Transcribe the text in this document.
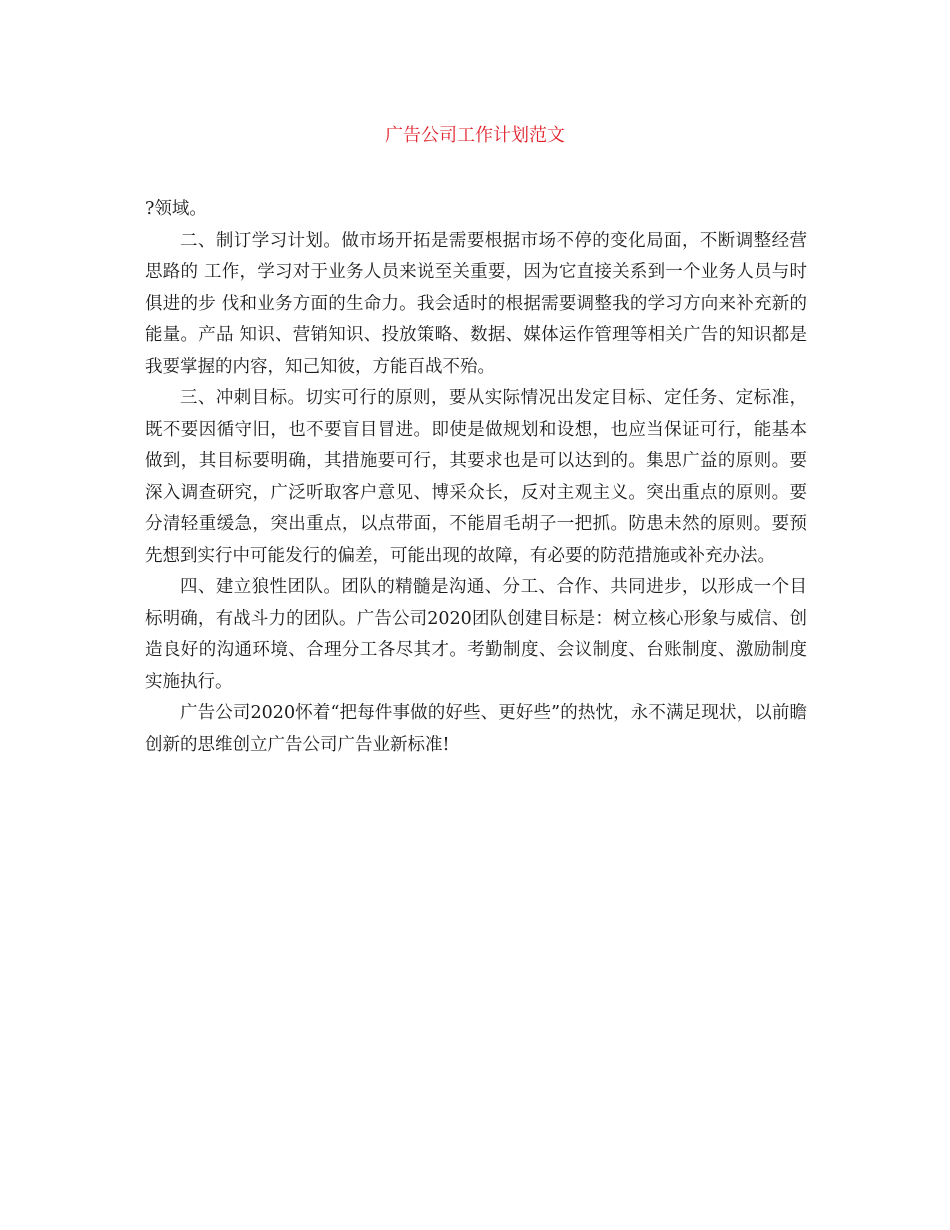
广告公司工作计划范文

?领域。

二、制订学习计划。做市场开拓是需要根据市场不停的变化局面，不断调整经营思路的 工作，学习对于业务人员来说至关重要，因为它直接关系到一个业务人员与时俱进的步 伐和业务方面的生命力。我会适时的根据需要调整我的学习方向来补充新的能量。产品 知识、营销知识、投放策略、数据、媒体运作管理等相关广告的知识都是我要掌握的内容，知己知彼，方能百战不殆。

三、冲刺目标。切实可行的原则，要从实际情况出发定目标、定任务、定标准，既不要因循守旧，也不要盲目冒进。即使是做规划和设想，也应当保证可行，能基本做到，其目标要明确，其措施要可行，其要求也是可以达到的。集思广益的原则。要深入调查研究，广泛听取客户意见、博采众长，反对主观主义。突出重点的原则。要分清轻重缓急，突出重点，以点带面，不能眉毛胡子一把抓。防患未然的原则。要预先想到实行中可能发行的偏差，可能出现的故障，有必要的防范措施或补充办法。

四、建立狼性团队。团队的精髓是沟通、分工、合作、共同进步，以形成一个目标明确，有战斗力的团队。广告公司2020团队创建目标是：树立核心形象与威信、创造良好的沟通环境、合理分工各尽其才。考勤制度、会议制度、台账制度、激励制度实施执行。

广告公司2020怀着“把每件事做的好些、更好些”的热忱，永不满足现状，以前瞻创新的思维创立广告公司广告业新标准!
